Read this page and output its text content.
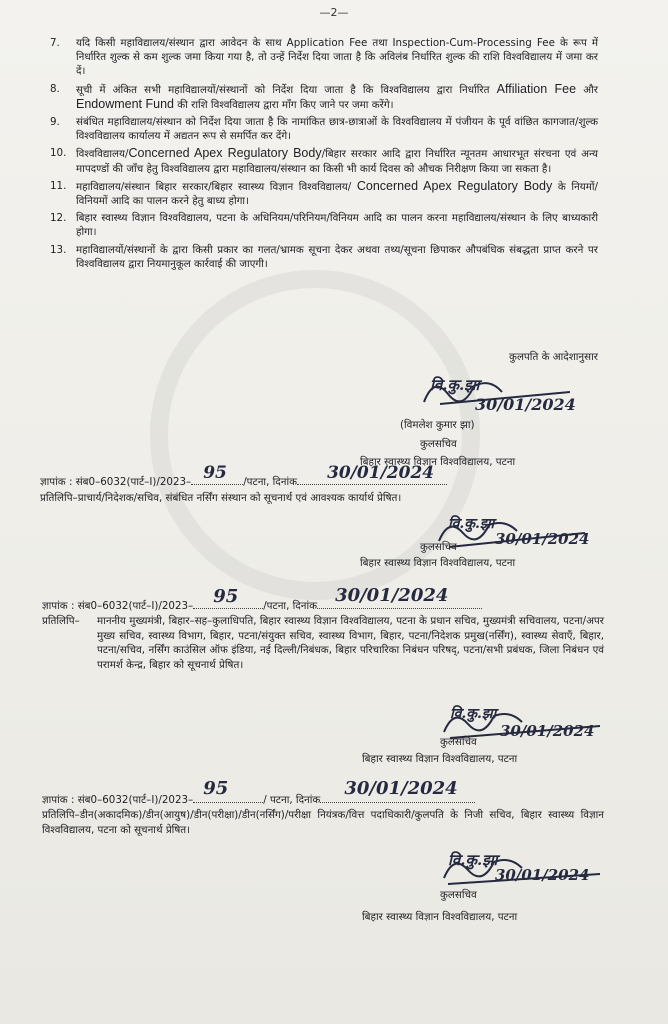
—2—
7.	यदि किसी महाविद्यालय/संस्थान द्वारा आवेदन के साथ Application Fee तथा Inspection-Cum-Processing Fee के रूप में निर्धारित शुल्क से कम शुल्क जमा किया गया है, तो उन्हें निर्देश दिया जाता है कि अविलंब निर्धारित शुल्क की राशि विश्वविद्यालय में जमा कर दें।
8.	सूची में अंकित सभी महाविद्यालयों/संस्थानों को निर्देश दिया जाता है कि विश्वविद्यालय द्वारा निर्धारित Affiliation Fee और Endowment Fund की राशि विश्वविद्यालय द्वारा माँग किए जाने पर जमा करेंगे।
9.	संबंधित महाविद्यालय/संस्थान को निर्देश दिया जाता है कि नामांकित छात्र-छात्राओं के विश्वविद्यालय में पंजीयन के पूर्व वांछित कागजात/शुल्क विश्वविद्यालय कार्यालय में अद्यतन रूप से समर्पित कर देंगे।
10. विश्वविद्यालय/Concerned Apex Regulatory Body/बिहार सरकार आदि द्वारा निर्धारित न्यूनतम आधारभूत संरचना एवं अन्य मापदण्डों की जाँच हेतु विश्वविद्यालय द्वारा महाविद्यालय/संस्थान का किसी भी कार्य दिवस को औचक निरीक्षण किया जा सकता है।
11. महाविद्यालय/संस्थान बिहार सरकार/बिहार स्वास्थ्य विज्ञान विश्वविद्यालय/ Concerned Apex Regulatory Body के नियमों/विनियमों आदि का पालन करने हेतु बाध्य होगा।
12. बिहार स्वास्थ्य विज्ञान विश्वविद्यालय, पटना के अधिनियम/परिनियम/विनियम आदि का पालन करना महाविद्यालय/संस्थान के लिए बाध्यकारी होगा।
13. महाविद्यालयों/संस्थानों के द्वारा किसी प्रकार का गलत/भ्रामक सूचना देकर अथवा तथ्य/सूचना छिपाकर औपबंधिक संबद्धता प्राप्त करने पर विश्वविद्यालय द्वारा नियमानुकूल कार्रवाई की जाएगी।
कुलपति के आदेशानुसार
वि.कु.झा
30/01/2024
(विमलेश कुमार झा)
कुलसचिव
बिहार स्वास्थ्य विज्ञान विश्वविद्यालय, पटना
ज्ञापांक : संब0–6032(पार्ट–I)/2023– 95 /पटना, दिनांक 30/01/2024
प्रतिलिपि–प्राचार्य/निदेशक/सचिव, संबंधित नर्सिंग संस्थान को सूचनार्थ एवं आवश्यक कार्यार्थ प्रेषित।
वि.कु.झा
30/01/2024
कुलसचिव
बिहार स्वास्थ्य विज्ञान विश्वविद्यालय, पटना
ज्ञापांक : संब0–6032(पार्ट–I)/2023– 95 /पटना, दिनांक 30/01/2024
प्रतिलिपि–	माननीय मुख्यमंत्री, बिहार–सह–कुलाधिपति, बिहार स्वास्थ्य विज्ञान विश्वविद्यालय, पटना के प्रधान सचिव, मुख्यमंत्री सचिवालय, पटना/अपर मुख्य सचिव, स्वास्थ्य विभाग, बिहार, पटना/संयुक्त सचिव, स्वास्थ्य विभाग, बिहार, पटना/निदेशक प्रमुख(नर्सिंग), स्वास्थ्य सेवाएँ, बिहार, पटना/सचिव, नर्सिंग काउंसिल ऑफ इंडिया, नई दिल्ली/निबंधक, बिहार परिचारिका निबंधन परिषद्, पटना/सभी प्रबंधक, जिला निबंधन एवं परामर्श केन्द्र, बिहार को सूचनार्थ प्रेषित।
वि.कु.झा
30/01/2024
कुलसचिव
बिहार स्वास्थ्य विज्ञान विश्वविद्यालय, पटना
ज्ञापांक : संब0–6032(पार्ट–I)/2023–
95
/ पटना, दिनांक
30/01/2024
प्रतिलिपि–डीन(अकादमिक)/डीन(आयुष)/डीन(परीक्षा)/डीन(नर्सिंग)/परीक्षा नियंत्रक/वित्त पदाधिकारी/कुलपति के निजी सचिव, बिहार स्वास्थ्य विज्ञान विश्वविद्यालय, पटना को सूचनार्थ प्रेषित।
वि.कु.झा
30/01/2024
कुलसचिव
बिहार स्वास्थ्य विज्ञान विश्वविद्यालय, पटना
